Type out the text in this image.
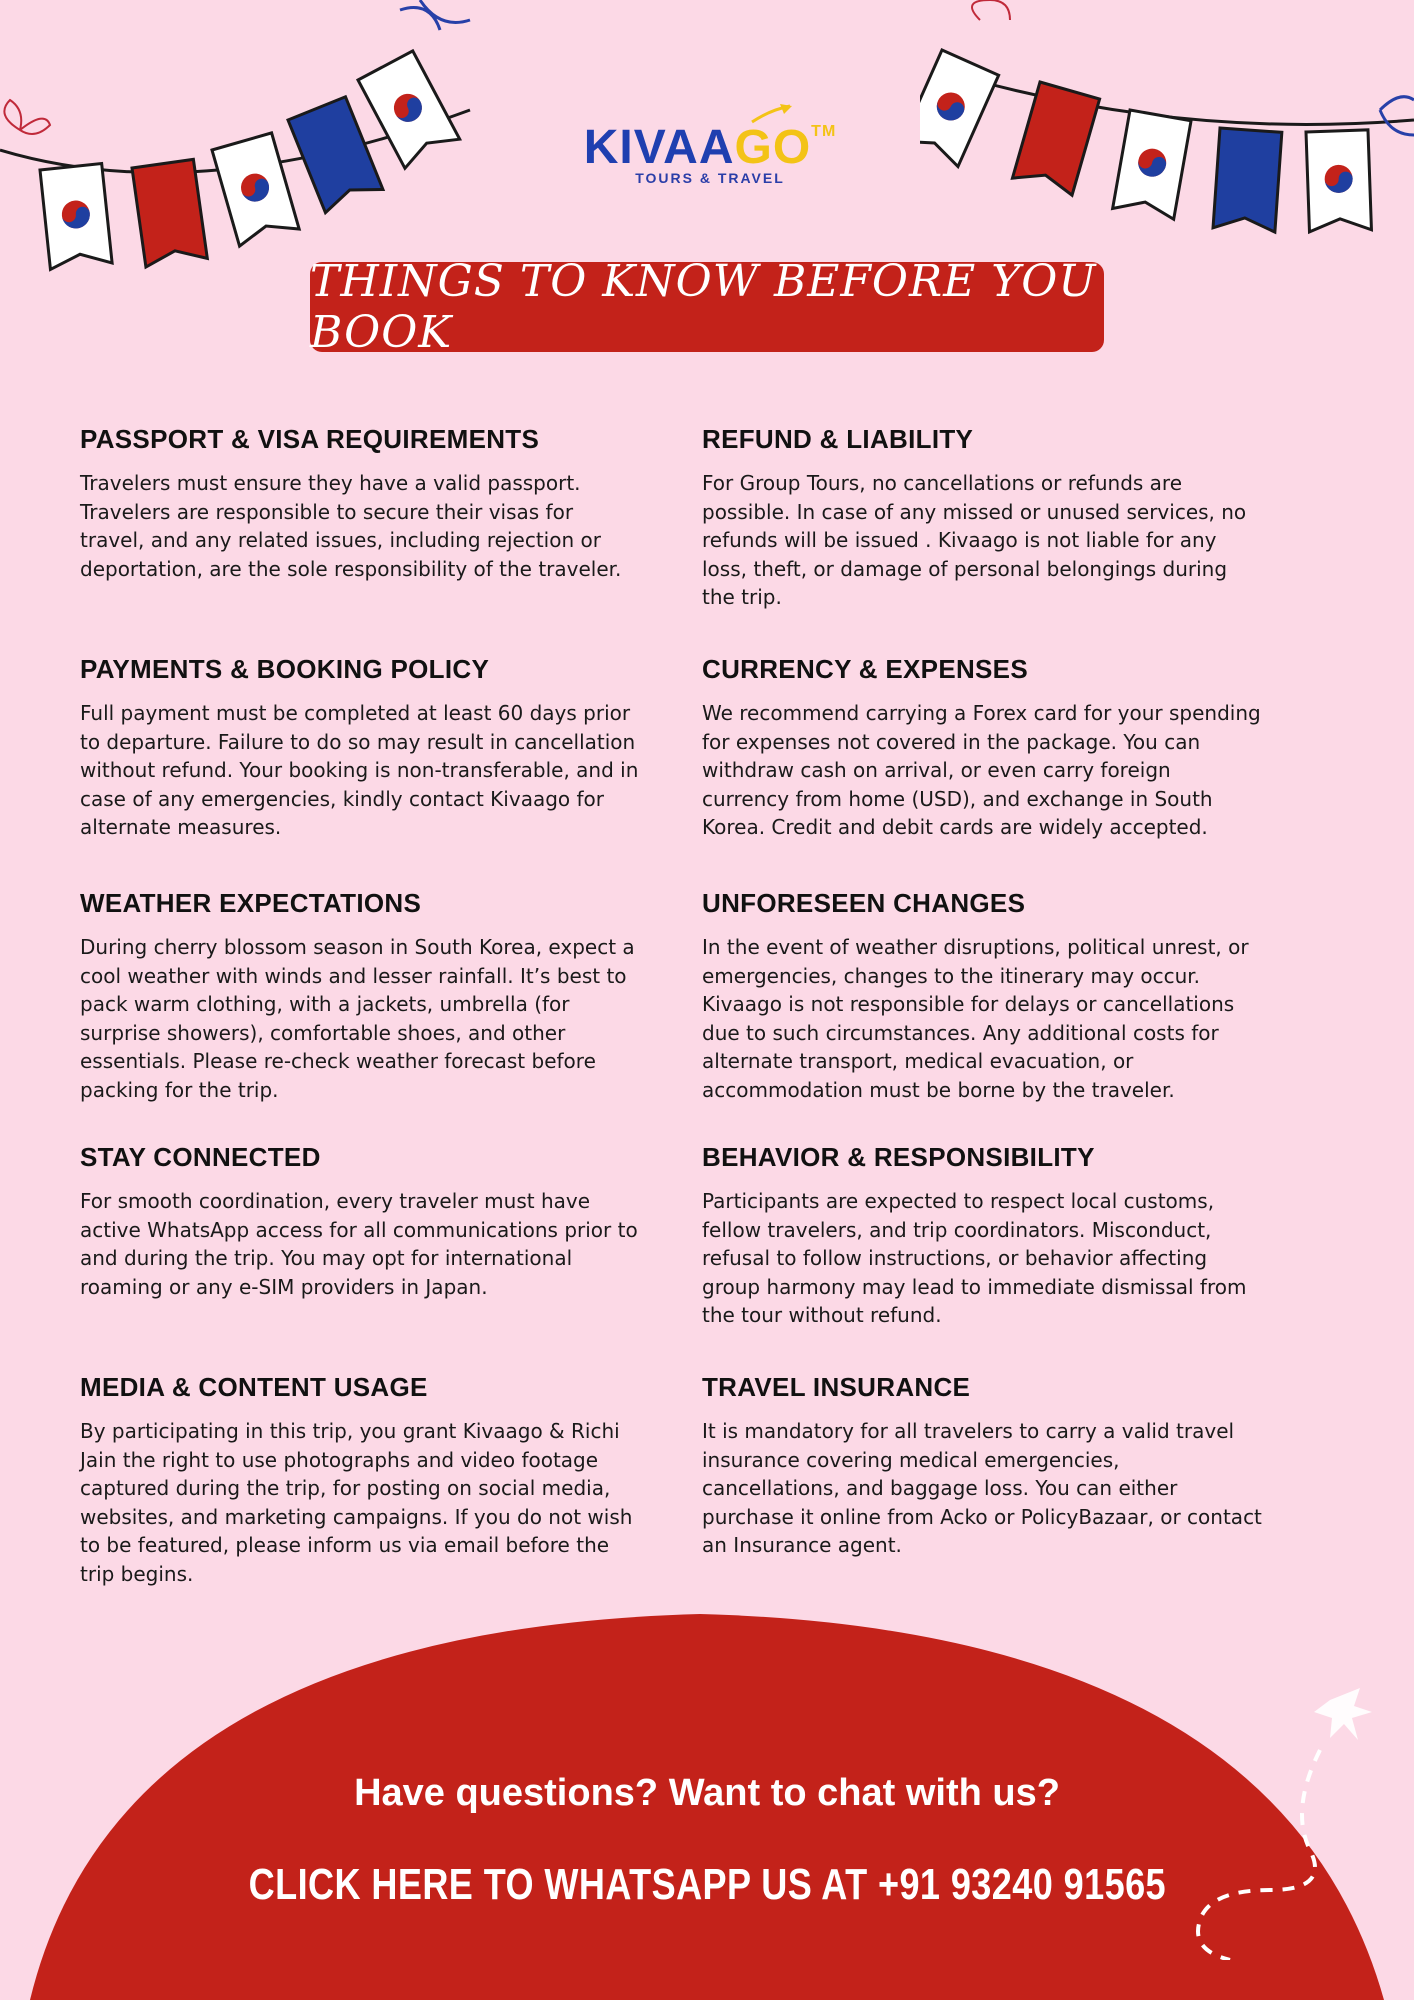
KIVAAGO™
TOURS & TRAVEL
THINGS TO KNOW BEFORE YOU BOOK
PASSPORT & VISA REQUIREMENTS

Travelers must ensure they have a valid passport. Travelers are responsible to secure their visas for travel, and any related issues, including rejection or deportation, are the sole responsibility of the traveler.

REFUND & LIABILITY

For Group Tours, no cancellations or refunds are possible. In case of any missed or unused services, no refunds will be issued . Kivaago is not liable for any loss, theft, or damage of personal belongings during the trip.

PAYMENTS & BOOKING POLICY

Full payment must be completed at least 60 days prior to departure. Failure to do so may result in cancellation without refund. Your booking is non-transferable, and in case of any emergencies, kindly contact Kivaago for alternate measures.

CURRENCY & EXPENSES

We recommend carrying a Forex card for your spending for expenses not covered in the package. You can withdraw cash on arrival, or even carry foreign currency from home (USD), and exchange in South Korea. Credit and debit cards are widely accepted.

WEATHER EXPECTATIONS

During cherry blossom season in South Korea, expect a cool weather with winds and lesser rainfall. It’s best to pack warm clothing, with a jackets, umbrella (for surprise showers), comfortable shoes, and other essentials. Please re-check weather forecast before packing for the trip.

UNFORESEEN CHANGES

In the event of weather disruptions, political unrest, or emergencies, changes to the itinerary may occur. Kivaago is not responsible for delays or cancellations due to such circumstances. Any additional costs for alternate transport, medical evacuation, or accommodation must be borne by the traveler.

STAY CONNECTED

For smooth coordination, every traveler must have active WhatsApp access for all communications prior to and during the trip. You may opt for international roaming or any e-SIM providers in Japan.

BEHAVIOR & RESPONSIBILITY

Participants are expected to respect local customs, fellow travelers, and trip coordinators. Misconduct, refusal to follow instructions, or behavior affecting group harmony may lead to immediate dismissal from the tour without refund.

MEDIA & CONTENT USAGE

By participating in this trip, you grant Kivaago & Richi Jain the right to use photographs and video footage captured during the trip, for posting on social media, websites, and marketing campaigns. If you do not wish to be featured, please inform us via email before the trip begins.

TRAVEL INSURANCE

It is mandatory for all travelers to carry a valid travel insurance covering medical emergencies, cancellations, and baggage loss. You can either purchase it online from Acko or PolicyBazaar, or contact an Insurance agent.

Have questions? Want to chat with us?
CLICK HERE TO WHATSAPP US AT +91 93240 91565
